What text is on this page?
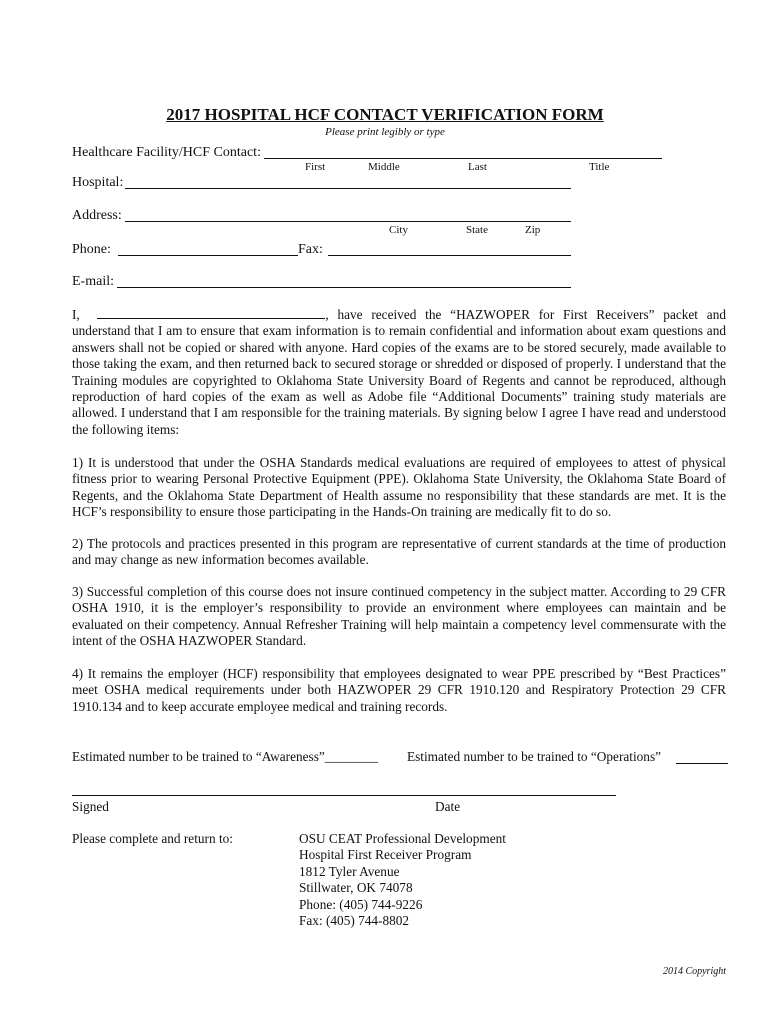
2017 HOSPITAL HCF CONTACT VERIFICATION FORM
Please print legibly or type
Healthcare Facility/HCF Contact:
First	Middle	Last	Title
Hospital:
Address:
City	State	Zip
Phone:	Fax:
E-mail:
I,	, have received the “HAZWOPER for First Receivers” packet and understand that I am to ensure that exam information is to remain confidential and information about exam questions and answers shall not be copied or shared with anyone. Hard copies of the exams are to be stored securely, made available to those taking the exam, and then returned back to secured storage or shredded or disposed of properly. I understand that the Training modules are copyrighted to Oklahoma State University Board of Regents and cannot be reproduced, although reproduction of hard copies of the exam as well as Adobe file “Additional Documents” training study materials are allowed. I understand that I am responsible for the training materials. By signing below I agree I have read and understood the following items:
1) It is understood that under the OSHA Standards medical evaluations are required of employees to attest of physical fitness prior to wearing Personal Protective Equipment (PPE). Oklahoma State University, the Oklahoma State Board of Regents, and the Oklahoma State Department of Health assume no responsibility that these standards are met. It is the HCF’s responsibility to ensure those participating in the Hands-On training are medically fit to do so.
2) The protocols and practices presented in this program are representative of current standards at the time of production and may change as new information becomes available.
3) Successful completion of this course does not insure continued competency in the subject matter. According to 29 CFR OSHA 1910, it is the employer’s responsibility to provide an environment where employees can maintain and be evaluated on their competency. Annual Refresher Training will help maintain a competency level commensurate with the intent of the OSHA HAZWOPER Standard.
4) It remains the employer (HCF) responsibility that employees designated to wear PPE prescribed by “Best Practices” meet OSHA medical requirements under both HAZWOPER 29 CFR 1910.120 and Respiratory Protection 29 CFR 1910.134 and to keep accurate employee medical and training records.
Estimated number to be trained to “Awareness”________ Estimated number to be trained to “Operations”
Signed	Date
Please complete and return to:	OSU CEAT Professional Development
Hospital First Receiver Program
1812 Tyler Avenue
Stillwater, OK 74078
Phone: (405) 744-9226
Fax: (405) 744-8802
2014 Copyright
